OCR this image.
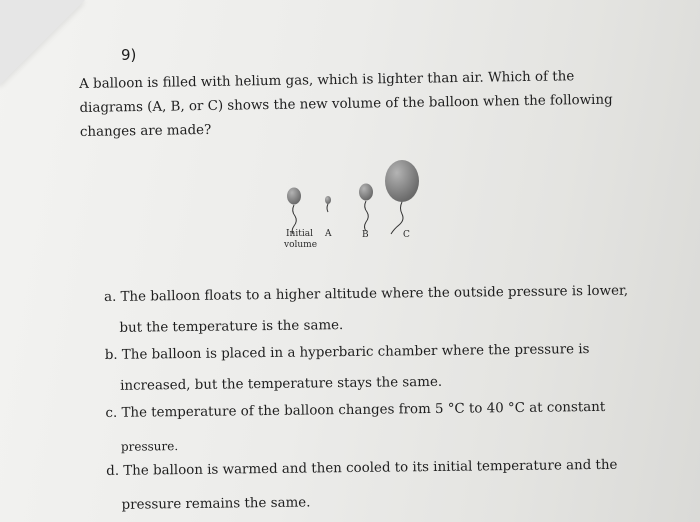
9)
A balloon is filled with helium gas, which is lighter than air. Which of the
diagrams (A, B, or C) shows the new volume of the balloon when the following
changes are made?
Initial
volume
A	B	C
a. The balloon floats to a higher altitude where the outside pressure is lower,
but the temperature is the same.
b. The balloon is placed in a hyperbaric chamber where the pressure is
increased, but the temperature stays the same.
c. The temperature of the balloon changes from 5 °C to 40 °C at constant
pressure.
d. The balloon is warmed and then cooled to its initial temperature and the
pressure remains the same.
